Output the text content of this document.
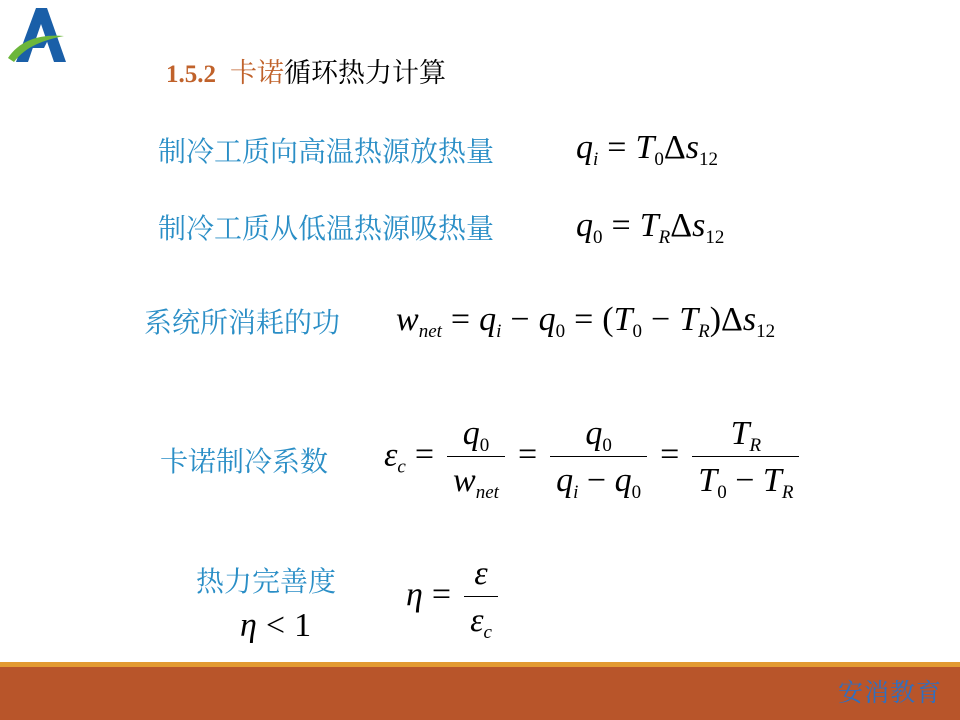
1.5.2 卡诺循环热力计算
制冷工质向高温热源放热量 $q_i = T_0\Delta s_{12}$
制冷工质从低温热源吸热量 $q_0 = T_R\Delta s_{12}$
系统所消耗的功 $w_{net} = q_i - q_0 = (T_0 - T_R)\Delta s_{12}$
卡诺制冷系数 $\varepsilon_c = \frac{q_0}{w_{net}} = \frac{q_0}{q_i - q_0} = \frac{T_R}{T_0 - T_R}$
热力完善度
η < 1
$\eta = \frac{\varepsilon}{\varepsilon_c}$
安消教育
